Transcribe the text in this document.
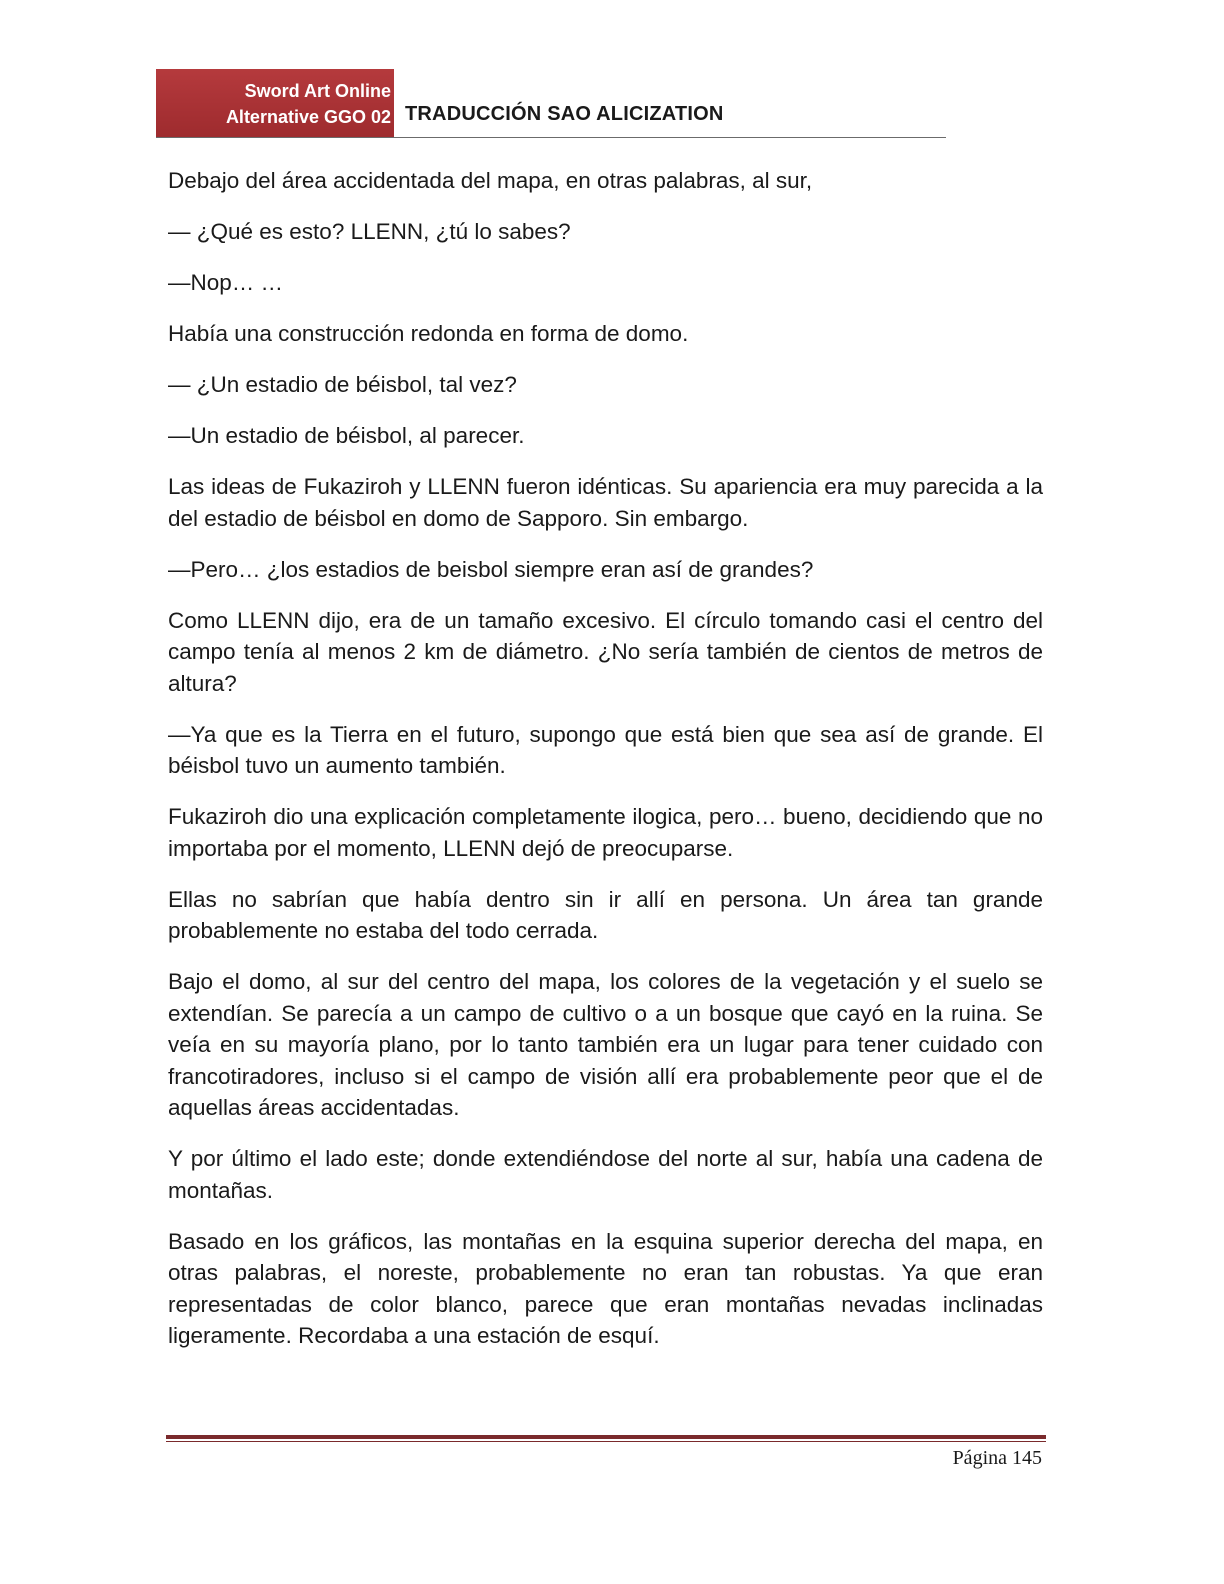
Sword Art Online
Alternative GGO 02 TRADUCCIÓN SAO ALICIZATION

Debajo del área accidentada del mapa, en otras palabras, al sur,

— ¿Qué es esto? LLENN, ¿tú lo sabes?

—Nop… …

Había una construcción redonda en forma de domo.

— ¿Un estadio de béisbol, tal vez?

—Un estadio de béisbol, al parecer.

Las ideas de Fukaziroh y LLENN fueron idénticas. Su apariencia era muy parecida a la del estadio de béisbol en domo de Sapporo. Sin embargo.

—Pero… ¿los estadios de beisbol siempre eran así de grandes?

Como LLENN dijo, era de un tamaño excesivo. El círculo tomando casi el centro del campo tenía al menos 2 km de diámetro. ¿No sería también de cientos de metros de altura?

—Ya que es la Tierra en el futuro, supongo que está bien que sea así de grande. El béisbol tuvo un aumento también.

Fukaziroh dio una explicación completamente ilogica, pero… bueno, decidiendo que no importaba por el momento, LLENN dejó de preocuparse.

Ellas no sabrían que había dentro sin ir allí en persona. Un área tan grande probablemente no estaba del todo cerrada.

Bajo el domo, al sur del centro del mapa, los colores de la vegetación y el suelo se extendían. Se parecía a un campo de cultivo o a un bosque que cayó en la ruina. Se veía en su mayoría plano, por lo tanto también era un lugar para tener cuidado con francotiradores, incluso si el campo de visión allí era probablemente peor que el de aquellas áreas accidentadas.

Y por último el lado este; donde extendiéndose del norte al sur, había una cadena de montañas.

Basado en los gráficos, las montañas en la esquina superior derecha del mapa, en otras palabras, el noreste, probablemente no eran tan robustas. Ya que eran representadas de color blanco, parece que eran montañas nevadas inclinadas ligeramente. Recordaba a una estación de esquí.

Página 145
